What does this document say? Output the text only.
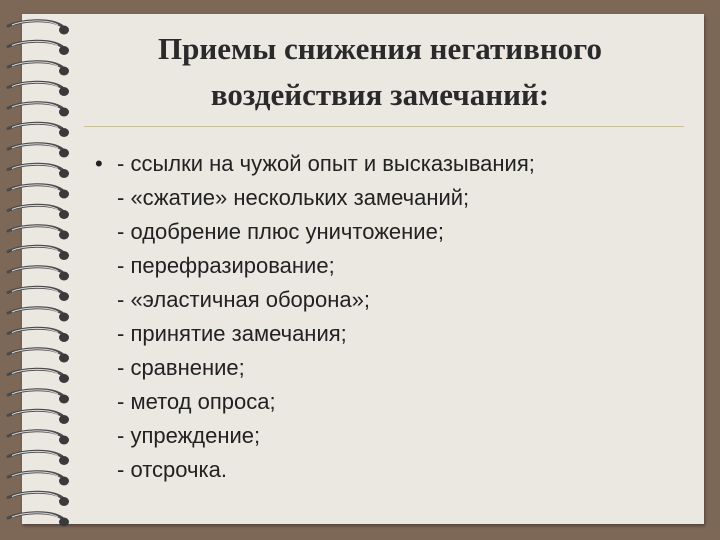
Приемы снижения негативного
воздействия замечаний:
• - ссылки на чужой опыт и высказывания;
- «сжатие» нескольких замечаний;
- одобрение плюс уничтожение;
- перефразирование;
- «эластичная оборона»;
- принятие замечания;
- сравнение;
- метод опроса;
- упреждение;
- отсрочка.
